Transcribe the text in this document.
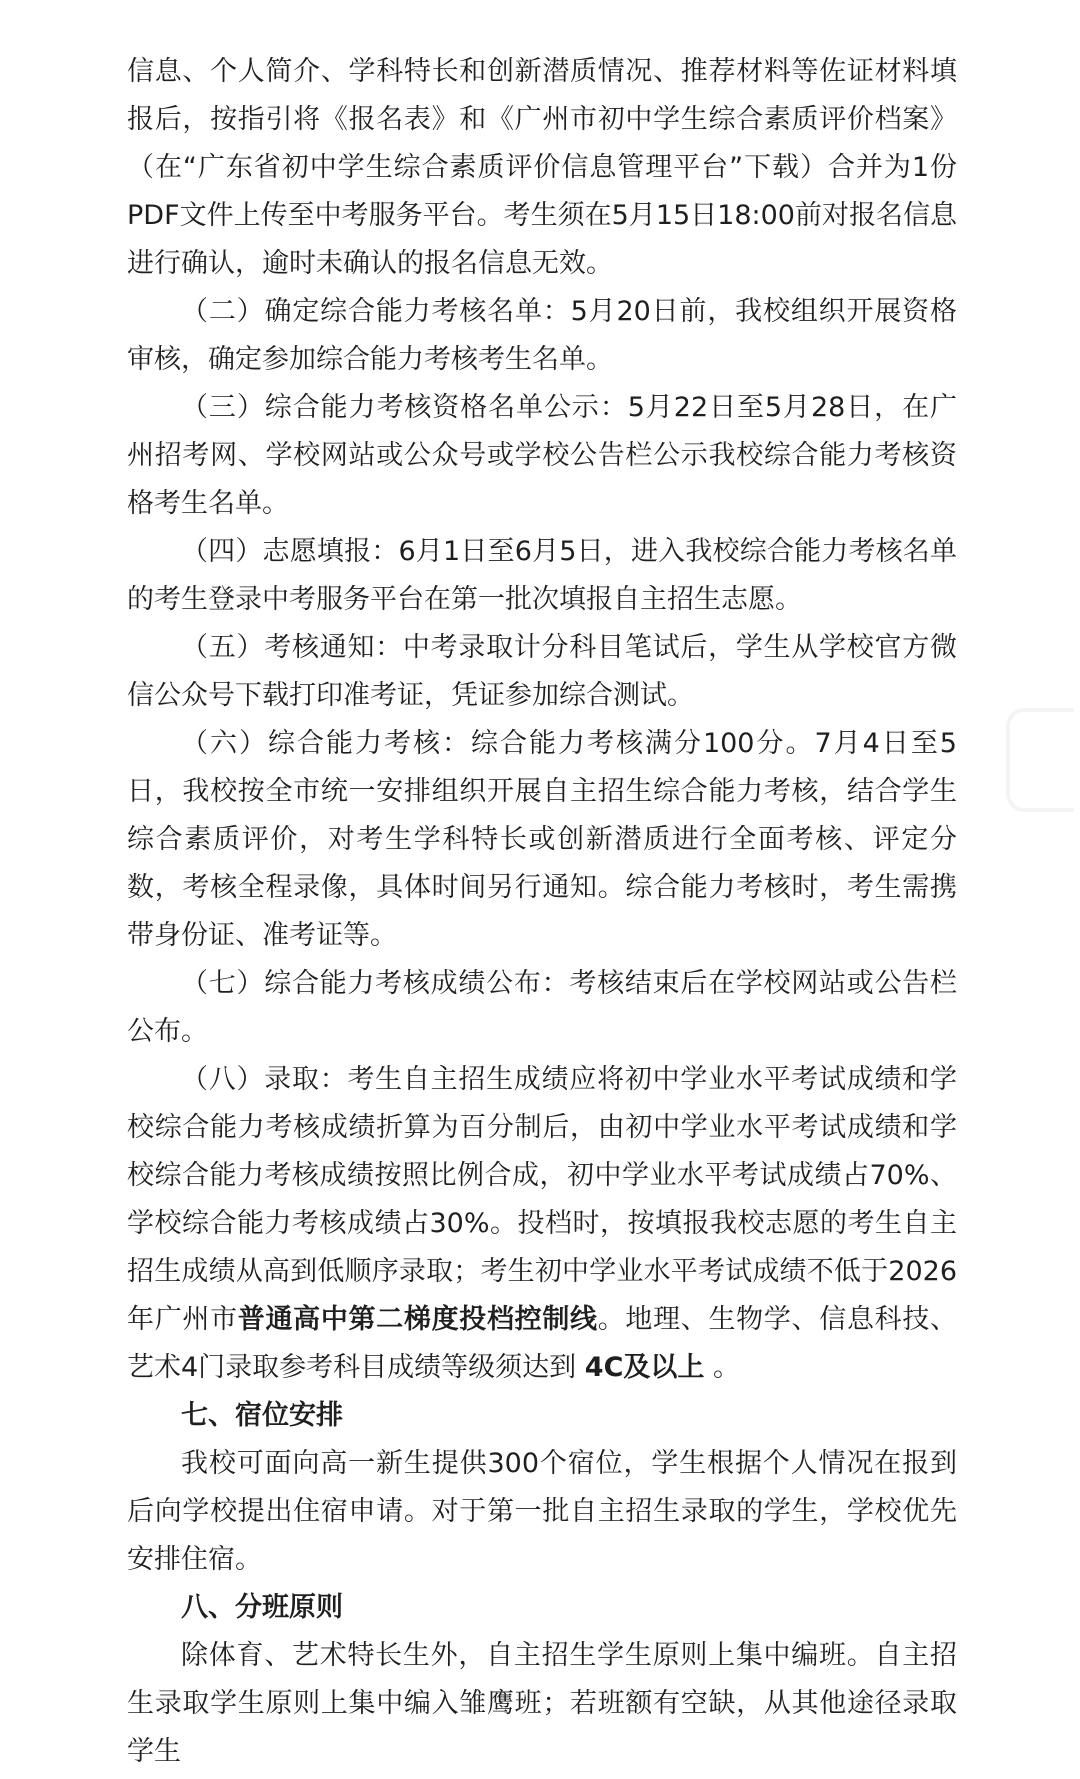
信息、个人简介、学科特长和创新潜质情况、推荐材料等佐证材料填报后，按指引将《报名表》和《广州市初中学生综合素质评价档案》（在“广东省初中学生综合素质评价信息管理平台”下载）合并为1份PDF文件上传至中考服务平台。考生须在5月15日18:00前对报名信息进行确认，逾时未确认的报名信息无效。

（二）确定综合能力考核名单：5月20日前，我校组织开展资格审核，确定参加综合能力考核考生名单。

（三）综合能力考核资格名单公示：5月22日至5月28日，在广州招考网、学校网站或公众号或学校公告栏公示我校综合能力考核资格考生名单。

（四）志愿填报：6月1日至6月5日，进入我校综合能力考核名单的考生登录中考服务平台在第一批次填报自主招生志愿。

（五）考核通知：中考录取计分科目笔试后，学生从学校官方微信公众号下载打印准考证，凭证参加综合测试。

（六）综合能力考核：综合能力考核满分100分。7月4日至5日，我校按全市统一安排组织开展自主招生综合能力考核，结合学生综合素质评价，对考生学科特长或创新潜质进行全面考核、评定分数，考核全程录像，具体时间另行通知。综合能力考核时，考生需携带身份证、准考证等。

（七）综合能力考核成绩公布：考核结束后在学校网站或公告栏公布。

（八）录取：考生自主招生成绩应将初中学业水平考试成绩和学校综合能力考核成绩折算为百分制后，由初中学业水平考试成绩和学校综合能力考核成绩按照比例合成，初中学业水平考试成绩占70%、学校综合能力考核成绩占30%。投档时，按填报我校志愿的考生自主招生成绩从高到低顺序录取；考生初中学业水平考试成绩不低于2026年广州市普通高中第二梯度投档控制线。地理、生物学、信息科技、艺术4门录取参考科目成绩等级须达到 4C及以上 。

七、宿位安排

我校可面向高一新生提供300个宿位，学生根据个人情况在报到后向学校提出住宿申请。对于第一批自主招生录取的学生，学校优先安排住宿。

八、分班原则

除体育、艺术特长生外，自主招生学生原则上集中编班。自主招生录取学生原则上集中编入雏鹰班；若班额有空缺，从其他途径录取学生
